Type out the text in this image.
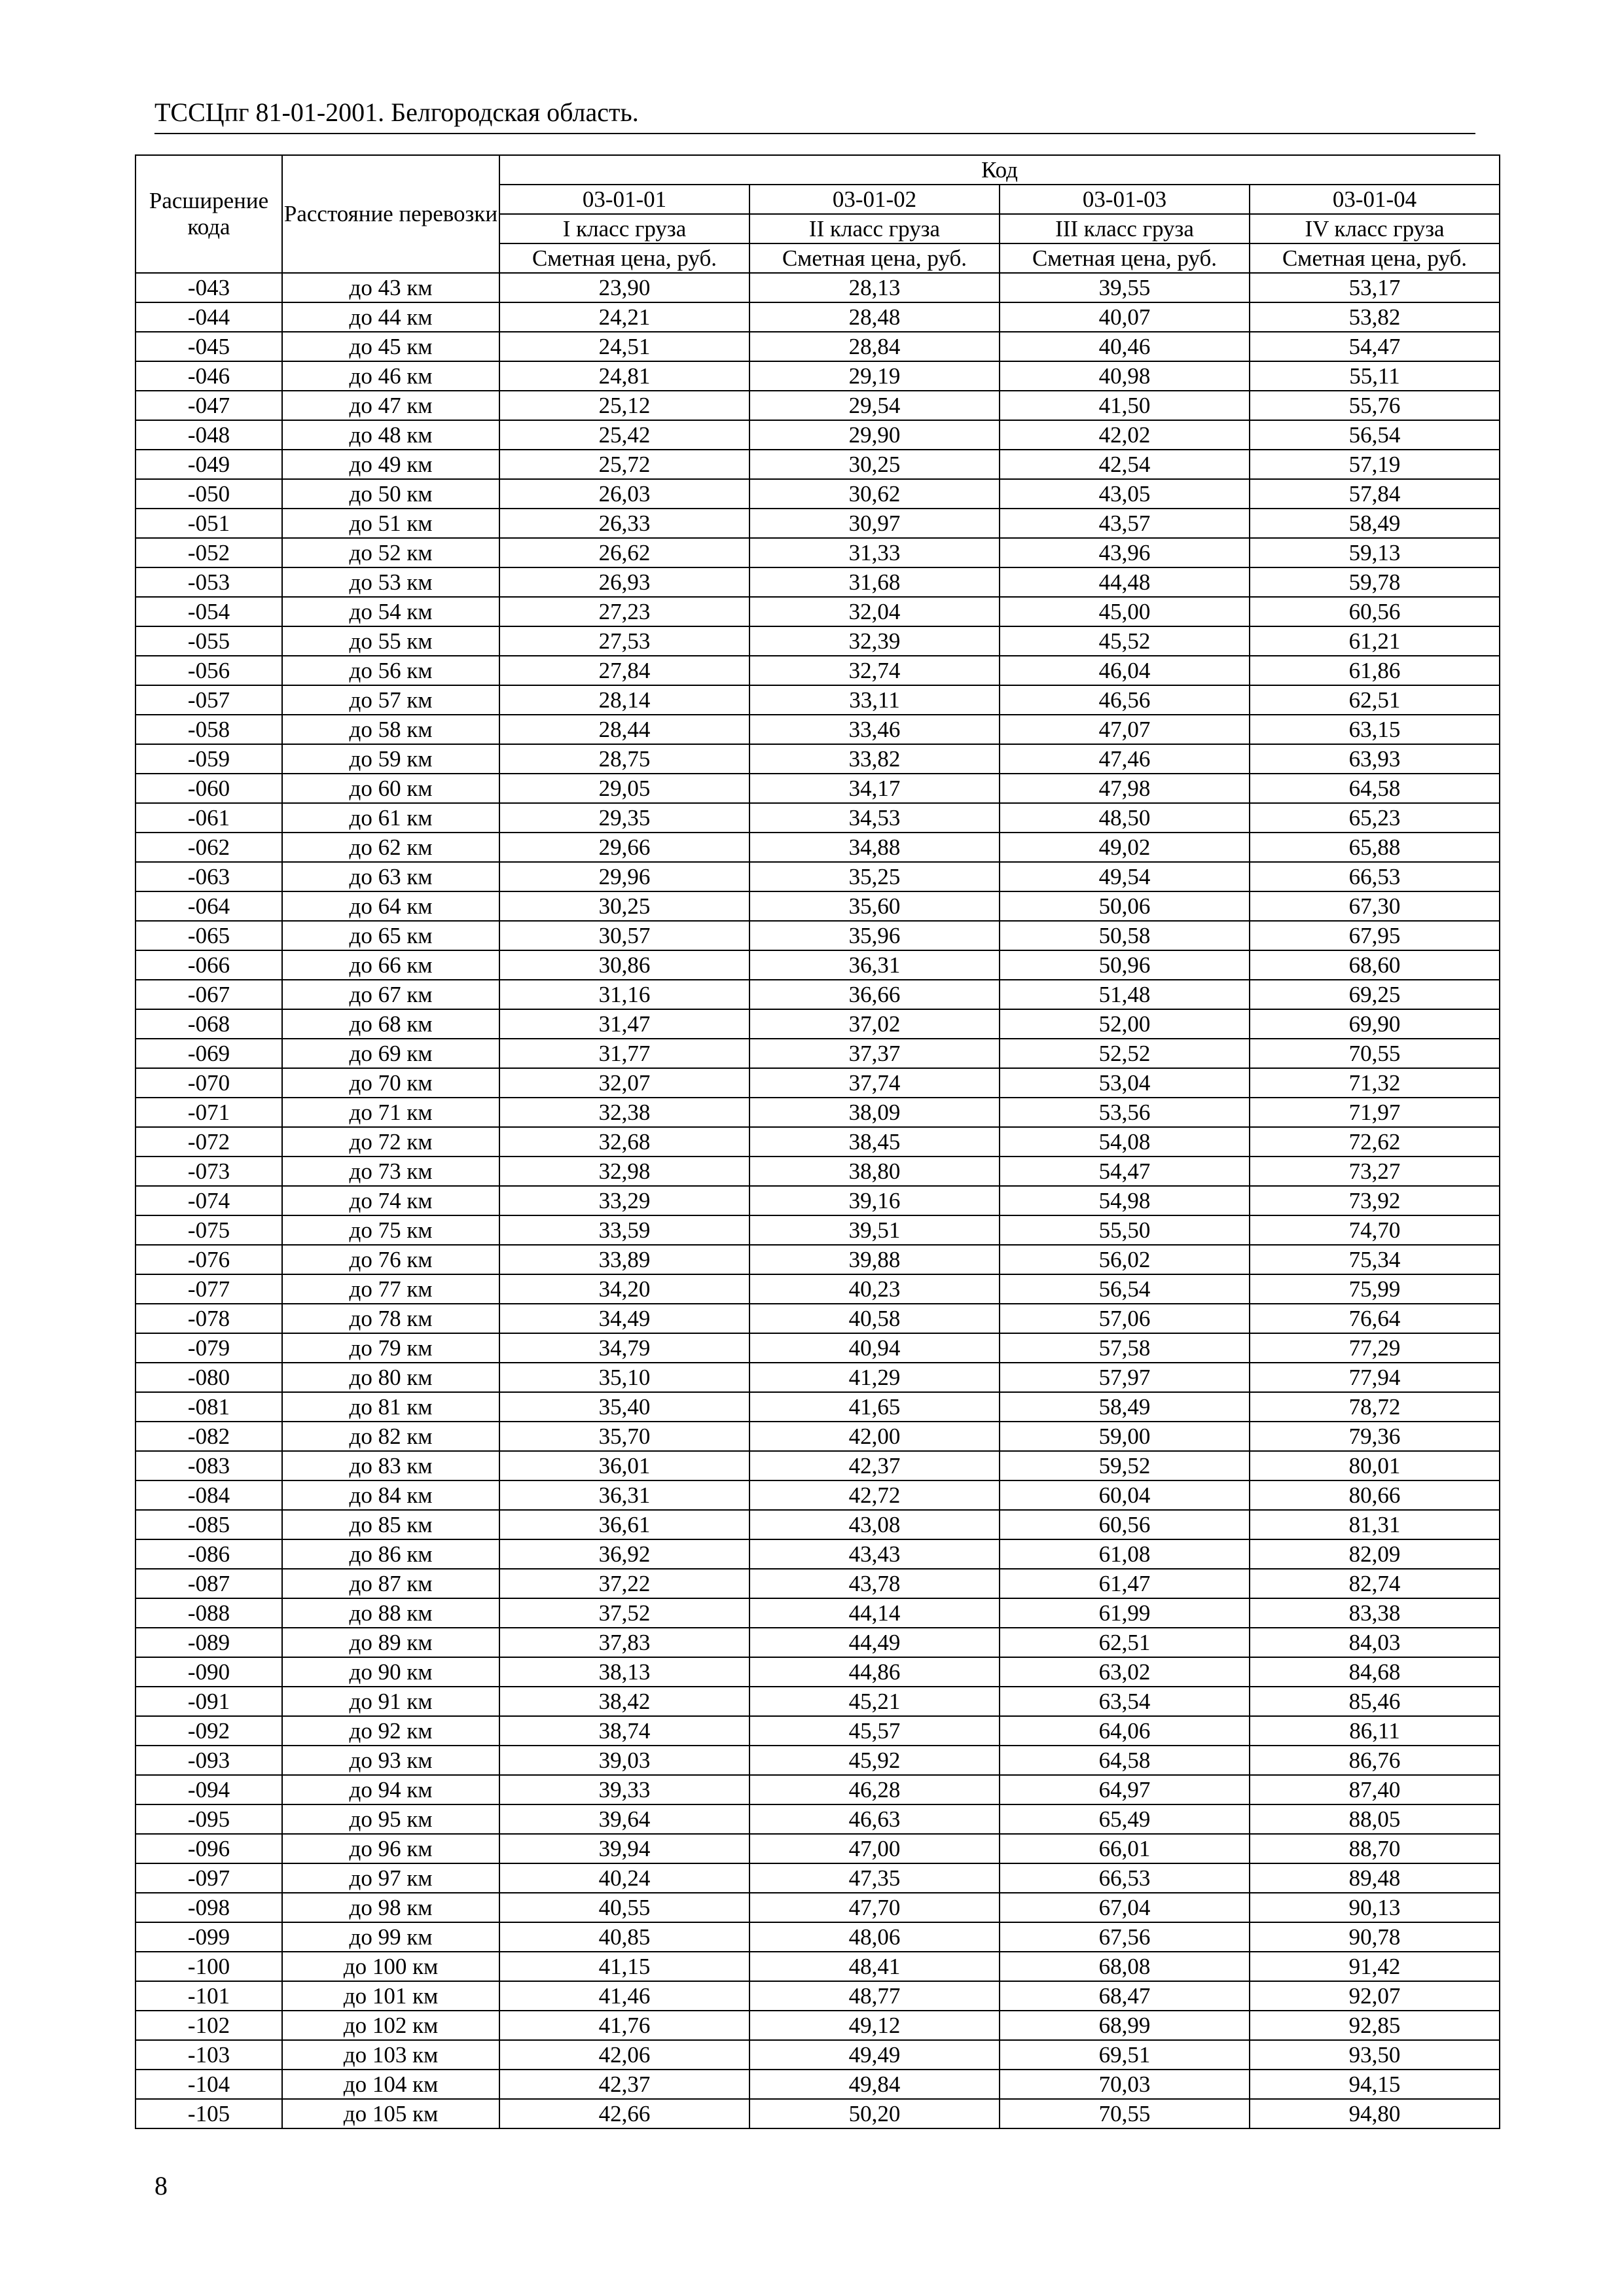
ТССЦпг 81-01-2001. Белгородская область.
Расширение кода	Расстояние перевозки	Код			
		03-01-01	03-01-02	03-01-03	03-01-04
		I класс груза	II класс груза	III класс груза	IV класс груза
		Сметная цена, руб.	Сметная цена, руб.	Сметная цена, руб.	Сметная цена, руб.
-043	до 43 км	23,90	28,13	39,55	53,17
-044	до 44 км	24,21	28,48	40,07	53,82
-045	до 45 км	24,51	28,84	40,46	54,47
-046	до 46 км	24,81	29,19	40,98	55,11
-047	до 47 км	25,12	29,54	41,50	55,76
-048	до 48 км	25,42	29,90	42,02	56,54
-049	до 49 км	25,72	30,25	42,54	57,19
-050	до 50 км	26,03	30,62	43,05	57,84
-051	до 51 км	26,33	30,97	43,57	58,49
-052	до 52 км	26,62	31,33	43,96	59,13
-053	до 53 км	26,93	31,68	44,48	59,78
-054	до 54 км	27,23	32,04	45,00	60,56
-055	до 55 км	27,53	32,39	45,52	61,21
-056	до 56 км	27,84	32,74	46,04	61,86
-057	до 57 км	28,14	33,11	46,56	62,51
-058	до 58 км	28,44	33,46	47,07	63,15
-059	до 59 км	28,75	33,82	47,46	63,93
-060	до 60 км	29,05	34,17	47,98	64,58
-061	до 61 км	29,35	34,53	48,50	65,23
-062	до 62 км	29,66	34,88	49,02	65,88
-063	до 63 км	29,96	35,25	49,54	66,53
-064	до 64 км	30,25	35,60	50,06	67,30
-065	до 65 км	30,57	35,96	50,58	67,95
-066	до 66 км	30,86	36,31	50,96	68,60
-067	до 67 км	31,16	36,66	51,48	69,25
-068	до 68 км	31,47	37,02	52,00	69,90
-069	до 69 км	31,77	37,37	52,52	70,55
-070	до 70 км	32,07	37,74	53,04	71,32
-071	до 71 км	32,38	38,09	53,56	71,97
-072	до 72 км	32,68	38,45	54,08	72,62
-073	до 73 км	32,98	38,80	54,47	73,27
-074	до 74 км	33,29	39,16	54,98	73,92
-075	до 75 км	33,59	39,51	55,50	74,70
-076	до 76 км	33,89	39,88	56,02	75,34
-077	до 77 км	34,20	40,23	56,54	75,99
-078	до 78 км	34,49	40,58	57,06	76,64
-079	до 79 км	34,79	40,94	57,58	77,29
-080	до 80 км	35,10	41,29	57,97	77,94
-081	до 81 км	35,40	41,65	58,49	78,72
-082	до 82 км	35,70	42,00	59,00	79,36
-083	до 83 км	36,01	42,37	59,52	80,01
-084	до 84 км	36,31	42,72	60,04	80,66
-085	до 85 км	36,61	43,08	60,56	81,31
-086	до 86 км	36,92	43,43	61,08	82,09
-087	до 87 км	37,22	43,78	61,47	82,74
-088	до 88 км	37,52	44,14	61,99	83,38
-089	до 89 км	37,83	44,49	62,51	84,03
-090	до 90 км	38,13	44,86	63,02	84,68
-091	до 91 км	38,42	45,21	63,54	85,46
-092	до 92 км	38,74	45,57	64,06	86,11
-093	до 93 км	39,03	45,92	64,58	86,76
-094	до 94 км	39,33	46,28	64,97	87,40
-095	до 95 км	39,64	46,63	65,49	88,05
-096	до 96 км	39,94	47,00	66,01	88,70
-097	до 97 км	40,24	47,35	66,53	89,48
-098	до 98 км	40,55	47,70	67,04	90,13
-099	до 99 км	40,85	48,06	67,56	90,78
-100	до 100 км	41,15	48,41	68,08	91,42
-101	до 101 км	41,46	48,77	68,47	92,07
-102	до 102 км	41,76	49,12	68,99	92,85
-103	до 103 км	42,06	49,49	69,51	93,50
-104	до 104 км	42,37	49,84	70,03	94,15
-105	до 105 км	42,66	50,20	70,55	94,80
8
